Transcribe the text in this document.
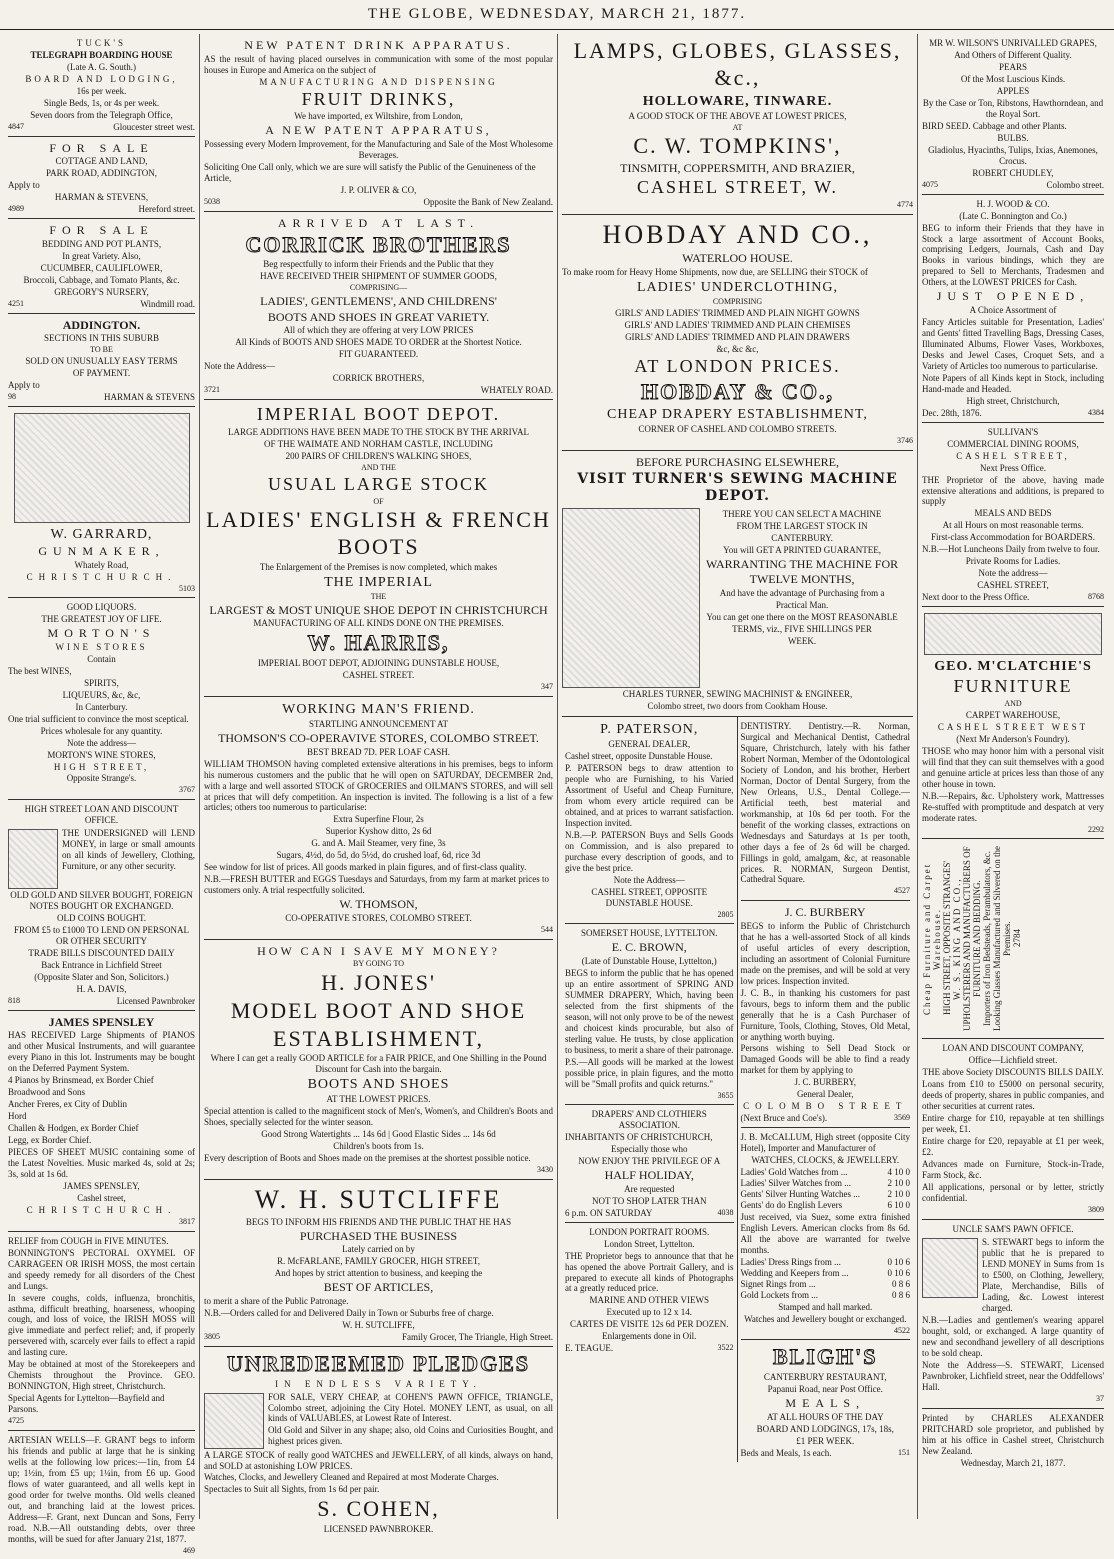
THE GLOBE, WEDNESDAY, MARCH 21, 1877.

TUCK'S

TELEGRAPH BOARDING HOUSE

(Late A. G. South.)

BOARD AND LODGING,

16s per week.

Single Beds, 1s, or 4s per week.

Seven doors from the Telegraph Office,

4847	Gloucester street west.

FOR SALE

COTTAGE AND LAND,

PARK ROAD, ADDINGTON,

Apply to

HARMAN & STEVENS,

4989	Hereford street.

FOR SALE

BEDDING AND POT PLANTS,

In great Variety. Also,

CUCUMBER, CAULIFLOWER,

Broccoli, Cabbage, and Tomato Plants, &c.

GREGORY'S NURSERY,

4251	Windmill road.

ADDINGTON.

SECTIONS IN THIS SUBURB

TO BE

SOLD ON UNUSUALLY EASY TERMS

OF PAYMENT.

Apply to

98	HARMAN & STEVENS

W. GARRARD,

GUNMAKER,

Whately Road,

CHRISTCHURCH.

5103

GOOD LIQUORS.

THE GREATEST JOY OF LIFE.

MORTON'S

WINE STORES

Contain

The best WINES,

SPIRITS,

LIQUEURS, &c, &c,

In Canterbury.

One trial sufficient to convince the most sceptical.

Prices wholesale for any quantity.

Note the address—

MORTON'S WINE STORES,

HIGH STREET,

Opposite Strange's.

3767

HIGH STREET LOAN AND DISCOUNT OFFICE.

THE UNDERSIGNED will LEND MONEY, in large or small amounts on all kinds of Jewellery, Clothing, Furniture, or any other security.

OLD GOLD AND SILVER BOUGHT, FOREIGN NOTES BOUGHT OR EXCHANGED.

OLD COINS BOUGHT.

FROM £5 to £1000 TO LEND ON PERSONAL OR OTHER SECURITY

TRADE BILLS DISCOUNTED DAILY

Back Entrance in Lichfield Street

(Opposite Slater and Son, Solicitors.)

H. A. DAVIS,

818	Licensed Pawnbroker

JAMES SPENSLEY

HAS RECEIVED Large Shipments of PIANOS and other Musical Instruments, and will guarantee every Piano in this lot. Instruments may be bought on the Deferred Payment System.

4 Pianos by Brinsmead, ex Border Chief

Broadwood and Sons

Ancher Freres, ex City of Dublin

Hord

Challen & Hodgen, ex Border Chief

Legg, ex Border Chief.

PIECES OF SHEET MUSIC containing some of the Latest Novelties. Music marked 4s, sold at 2s; 3s, sold at 1s 6d.

JAMES SPENSLEY,

Cashel street,

CHRISTCHURCH.

3817

RELIEF from COUGH in FIVE MINUTES.

BONNINGTON'S PECTORAL OXYMEL OF CARRAGEEN OR IRISH MOSS, the most certain and speedy remedy for all disorders of the Chest and Lungs.

In severe coughs, colds, influenza, bronchitis, asthma, difficult breathing, hoarseness, whooping cough, and loss of voice, the IRISH MOSS will give immediate and perfect relief; and, if properly persevered with, scarcely ever fails to effect a rapid and lasting cure.

May be obtained at most of the Storekeepers and Chemists throughout the Province. GEO. BONNINGTON, High street, Christchurch.

Special Agents for Lyttelton—Bayfield and Parsons.

4725

ARTESIAN WELLS—F. GRANT begs to inform his friends and public at large that he is sinking wells at the following low prices:—1in, from £4 up; 1½in, from £5 up; 1¼in, from £6 up. Good flows of water guaranteed, and all wells kept in good order for twelve months. Old wells cleaned out, and branching laid at the lowest prices. Address—F. Grant, next Duncan and Sons, Ferry road. N.B.—All outstanding debts, over three months, will be sued for after January 21st, 1877.

469

NEW PATENT DRINK APPARATUS.

AS the result of having placed ourselves in communication with some of the most popular houses in Europe and America on the subject of

MANUFACTURING AND DISPENSING

FRUIT DRINKS,

We have imported, ex Wiltshire, from London,

A NEW PATENT APPARATUS,

Possessing every Modern Improvement, for the Manufacturing and Sale of the Most Wholesome Beverages.

Soliciting One Call only, which we are sure will satisfy the Public of the Genuineness of the Article,

J. P. OLIVER & CO,

5038	Opposite the Bank of New Zealand.

ARRIVED AT LAST.

CORRICK BROTHERS

Beg respectfully to inform their Friends and the Public that they

HAVE RECEIVED THEIR SHIPMENT OF SUMMER GOODS,

COMPRISING—

LADIES', GENTLEMENS', AND CHILDRENS'

BOOTS AND SHOES IN GREAT VARIETY.

All of which they are offering at very LOW PRICES

All Kinds of BOOTS AND SHOES MADE TO ORDER at the Shortest Notice.

FIT GUARANTEED.

Note the Address—

CORRICK BROTHERS,

3721	WHATELY ROAD.

IMPERIAL BOOT DEPOT.

LARGE ADDITIONS HAVE BEEN MADE TO THE STOCK BY THE ARRIVAL

OF THE WAIMATE AND NORHAM CASTLE, INCLUDING

200 PAIRS OF CHILDREN'S WALKING SHOES,

AND THE

USUAL LARGE STOCK

OF

LADIES' ENGLISH & FRENCH BOOTS

The Enlargement of the Premises is now completed, which makes

THE IMPERIAL

THE

LARGEST & MOST UNIQUE SHOE DEPOT IN CHRISTCHURCH

MANUFACTURING OF ALL KINDS DONE ON THE PREMISES.

W. HARRIS,

IMPERIAL BOOT DEPOT, ADJOINING DUNSTABLE HOUSE,

CASHEL STREET.

347

WORKING MAN'S FRIEND.

STARTLING ANNOUNCEMENT AT

THOMSON'S CO-OPERAVIVE STORES, COLOMBO STREET.

BEST BREAD 7D. PER LOAF CASH.

WILLIAM THOMSON having completed extensive alterations in his premises, begs to inform his numerous customers and the public that he will open on SATURDAY, DECEMBER 2nd, with a large and well assorted STOCK of GROCERIES and OILMAN'S STORES, and will sell at prices that will defy competition. An inspection is invited. The following is a list of a few articles; others too numerous to particularise:

Extra Superfine Flour, 2s

Superior Kyshow ditto, 2s 6d

G. and A. Mail Steamer, very fine, 3s

Sugars, 4½d, do 5d, do 5½d, do crushed loaf, 6d, rice 3d

See window for list of prices. All goods marked in plain figures, and of first-class quality.

N.B.—FRESH BUTTER and EGGS Tuesdays and Saturdays, from my farm at market prices to customers only. A trial respectfully solicited.

W. THOMSON,

CO-OPERATIVE STORES, COLOMBO STREET.

544

HOW CAN I SAVE MY MONEY?

BY GOING TO

H. JONES'

MODEL BOOT AND SHOE

ESTABLISHMENT,

Where I can get a really GOOD ARTICLE for a FAIR PRICE, and One Shilling in the Pound Discount for Cash into the bargain.

BOOTS AND SHOES

AT THE LOWEST PRICES.

Special attention is called to the magnificent stock of Men's, Women's, and Children's Boots and Shoes, specially selected for the winter season.

Good Strong Watertights ... 14s 6d | Good Elastic Sides ... 14s 6d

Children's boots from 1s.

Every description of Boots and Shoes made on the premises at the shortest possible notice.

3430

W. H. SUTCLIFFE

BEGS TO INFORM HIS FRIENDS AND THE PUBLIC THAT HE HAS

PURCHASED THE BUSINESS

Lately carried on by

R. McFARLANE, FAMILY GROCER, HIGH STREET,

And hopes by strict attention to business, and keeping the

BEST OF ARTICLES,

to merit a share of the Public Patronage.

N.B.—Orders called for and Delivered Daily in Town or Suburbs free of charge.

W. H. SUTCLIFFE,

3805	Family Grocer, The Triangle, High Street.

UNREDEEMED PLEDGES

IN ENDLESS VARIETY.

FOR SALE, VERY CHEAP, at COHEN'S PAWN OFFICE, TRIANGLE, Colombo street, adjoining the City Hotel. MONEY LENT, as usual, on all kinds of VALUABLES, at Lowest Rate of Interest.

Old Gold and Silver in any shape; also, old Coins and Curiosities Bought, and highest prices given.

A LARGE STOCK of really good WATCHES and JEWELLERY, of all kinds, always on hand, and SOLD at astonishing LOW PRICES.

Watches, Clocks, and Jewellery Cleaned and Repaired at most Moderate Charges.

Spectacles to Suit all Sights, from 1s 6d per pair.

S. COHEN,

LICENSED PAWNBROKER.

LAMPS, GLOBES, GLASSES, &c.,

HOLLOWARE, TINWARE.

A GOOD STOCK OF THE ABOVE AT LOWEST PRICES,

AT

C. W. TOMPKINS',

TINSMITH, COPPERSMITH, AND BRAZIER,

CASHEL STREET, W.

4774

HOBDAY AND CO.,

WATERLOO HOUSE.

To make room for Heavy Home Shipments, now due, are SELLING their STOCK of

LADIES' UNDERCLOTHING,

COMPRISING

GIRLS' AND LADIES' TRIMMED AND PLAIN NIGHT GOWNS

GIRLS' AND LADIES' TRIMMED AND PLAIN CHEMISES

GIRLS' AND LADIES' TRIMMED AND PLAIN DRAWERS

&c, &c &c,

AT LONDON PRICES.

HOBDAY & CO.,

CHEAP DRAPERY ESTABLISHMENT,

CORNER OF CASHEL AND COLOMBO STREETS.

3746

BEFORE PURCHASING ELSEWHERE,

VISIT TURNER'S SEWING MACHINE DEPOT.

THERE YOU CAN SELECT A MACHINE

FROM THE LARGEST STOCK IN

CANTERBURY.

You will GET A PRINTED GUARANTEE,

WARRANTING THE MACHINE FOR

TWELVE MONTHS,

And have the advantage of Purchasing from a

Practical Man.

You can get one there on the MOST REASONABLE

TERMS, viz., FIVE SHILLINGS PER

WEEK.

CHARLES TURNER, SEWING MACHINIST & ENGINEER,

Colombo street, two doors from Cookham House.

P. PATERSON,

GENERAL DEALER,

Cashel street, opposite Dunstable House.

P. PATERSON begs to draw attention to people who are Furnishing, to his Varied Assortment of Useful and Cheap Furniture, from whom every article required can be obtained, and at prices to warrant satisfaction. Inspection invited.

N.B.—P. PATERSON Buys and Sells Goods on Commission, and is also prepared to purchase every description of goods, and to give the best price.

Note the Address—

CASHEL STREET, OPPOSITE DUNSTABLE HOUSE.

2805

SOMERSET HOUSE, LYTTELTON.

E. C. BROWN,

(Late of Dunstable House, Lyttelton,)

BEGS to inform the public that he has opened up an entire assortment of SPRING AND SUMMER DRAPERY, Which, having been selected from the first shipments of the season, will not only prove to be of the newest and choicest kinds procurable, but also of sterling value. He trusts, by close application to business, to merit a share of their patronage.

P.S.—All goods will be marked at the lowest possible price, in plain figures, and the motto will be "Small profits and quick returns."

3655

DRAPERS' AND CLOTHIERS ASSOCIATION.

INHABITANTS OF CHRISTCHURCH,

Especially those who

NOW ENJOY THE PRIVILEGE OF A

HALF HOLIDAY,

Are requested

NOT TO SHOP LATER THAN

6 p.m. ON SATURDAY	4038

LONDON PORTRAIT ROOMS.

London Street, Lyttelton.

THE Proprietor begs to announce that that he has opened the above Portrait Gallery, and is prepared to execute all kinds of Photographs at a greatly reduced price.

MARINE AND OTHER VIEWS

Executed up to 12 x 14.

CARTES DE VISITE 12s 6d PER DOZEN.

Enlargements done in Oil.

E. TEAGUE.	3522

DENTISTRY. Dentistry.—R. Norman, Surgical and Mechanical Dentist, Cathedral Square, Christchurch, lately with his father Robert Norman, Member of the Odontological Society of London, and his brother, Herbert Norman, Doctor of Dental Surgery, from the New Orleans, U.S., Dental College.—Artificial teeth, best material and workmanship, at 10s 6d per tooth. For the benefit of the working classes, extractions on Wednesdays and Saturdays at 1s per tooth, other days a fee of 2s 6d will be charged. Fillings in gold, amalgam, &c, at reasonable prices. R. NORMAN, Surgeon Dentist, Cathedral Square.

4527

J. C. BURBERY

BEGS to inform the Public of Christchurch that he has a well-assorted Stock of all kinds of useful articles of every description, including an assortment of Colonial Furniture made on the premises, and will be sold at very low prices. Inspection invited.

J. C. B., in thanking his customers for past favours, begs to inform them and the public generally that he is a Cash Purchaser of Furniture, Tools, Clothing, Stoves, Old Metal, or anything worth buying.

Persons wishing to Sell Dead Stock or Damaged Goods will be able to find a ready market for them by applying to

J. C. BURBERY,

General Dealer,

COLOMBO STREET

(Next Bruce and Coe's).	3569

J. B. McCALLUM, High street (opposite City Hotel), Importer and Manufacturer of

WATCHES, CLOCKS, & JEWELLERY.

Ladies' Gold Watches from ...	4 10 0
Ladies' Silver Watches from ...	2 10 0
Gents' Silver Hunting Watches ...	2 10 0
Gents' do do English Levers	6 10 0

Just received, via Suez, some extra finished English Levers. American clocks from 8s 6d. All the above are warranted for twelve months.

Ladies' Dress Rings from ...	0 10 6
Wedding and Keepers from ...	0 10 6
Signet Rings from ...	0 8 6
Gold Lockets from ...	0 8 6

Stamped and hall marked.

Watches and Jewellery bought or exchanged.

4522

BLIGH'S

CANTERBURY RESTAURANT,

Papanui Road, near Post Office.

MEALS,

AT ALL HOURS OF THE DAY

BOARD AND LODGINGS, 17s, 18s,

£1 PER WEEK.

Beds and Meals, 1s each.	151

MR W. WILSON'S UNRIVALLED GRAPES,

And Others of Different Quality.

PEARS

Of the Most Luscious Kinds.

APPLES

By the Case or Ton, Ribstons, Hawthorndean, and the Royal Sort.

BIRD SEED. Cabbage and other Plants.

BULBS.

Gladiolus, Hyacinths, Tulips, Ixias, Anemones, Crocus.

ROBERT CHUDLEY,

4075	Colombo street.

H. J. WOOD & CO.

(Late C. Bonnington and Co.)

BEG to inform their Friends that they have in Stock a large assortment of Account Books, comprising Ledgers, Journals, Cash and Day Books in various bindings, which they are prepared to Sell to Merchants, Tradesmen and Others, at the LOWEST PRICES for Cash.

JUST OPENED,

A Choice Assortment of

Fancy Articles suitable for Presentation, Ladies' and Gents' fitted Travelling Bags, Dressing Cases, Illuminated Albums, Flower Vases, Workboxes, Desks and Jewel Cases, Croquet Sets, and a Variety of Articles too numerous to particularise.

Note Papers of all Kinds kept in Stock, including Hand-made and Headed.

High street, Christchurch,

Dec. 28th, 1876.	4384

SULLIVAN'S

COMMERCIAL DINING ROOMS,

CASHEL STREET,

Next Press Office.

THE Proprietor of the above, having made extensive alterations and additions, is prepared to supply

MEALS AND BEDS

At all Hours on most reasonable terms.

First-class Accommodation for BOARDERS.

N.B.—Hot Luncheons Daily from twelve to four.

Private Rooms for Ladies.

Note the address—

CASHEL STREET,

Next door to the Press Office.	8768

GEO. M'CLATCHIE'S

FURNITURE

AND

CARPET WAREHOUSE,

CASHEL STREET WEST

(Next Mr Anderson's Foundry).

THOSE who may honor him with a personal visit will find that they can suit themselves with a good and genuine article at prices less than those of any other house in town.

N.B.—Repairs, &c. Upholstery work, Mattresses Re-stuffed with promptitude and despatch at very moderate rates.

2292

Cheap Furniture and Carpet Warehouse. HIGH STREET, OPPOSITE STRANGES' W. S. KING AND CO., UPHOLSTERERS AND MANUFACTURERS OF FURNITURE AND BEDDING. Importers of Iron Bedsteads, Perambulators, &c. Looking Glasses Manufactured and Silvered on the Premises. 2784

LOAN AND DISCOUNT COMPANY,

Office—Lichfield street.

THE above Society DISCOUNTS BILLS DAILY.

Loans from £10 to £5000 on personal security, deeds of property, shares in public companies, and other securities at current rates.

Entire charge for £10, repayable at ten shillings per week, £1.

Entire charge for £20, repayable at £1 per week, £2.

Advances made on Furniture, Stock-in-Trade, Farm Stock, &c.

All applications, personal or by letter, strictly confidential.

3809

UNCLE SAM'S PAWN OFFICE.

S. STEWART begs to inform the public that he is prepared to LEND MONEY in Sums from 1s to £500, on Clothing, Jewellery, Plate, Merchandise, Bills of Lading, &c. Lowest interest charged.

N.B.—Ladies and gentlemen's wearing apparel bought, sold, or exchanged. A large quantity of new and secondhand jewellery of all descriptions to be sold cheap.

Note the Address—S. STEWART, Licensed Pawnbroker, Lichfield street, near the Oddfellows' Hall.

37

Printed by CHARLES ALEXANDER PRITCHARD sole proprietor, and published by him at his office in Cashel street, Christchurch New Zealand.

Wednesday, March 21, 1877.
